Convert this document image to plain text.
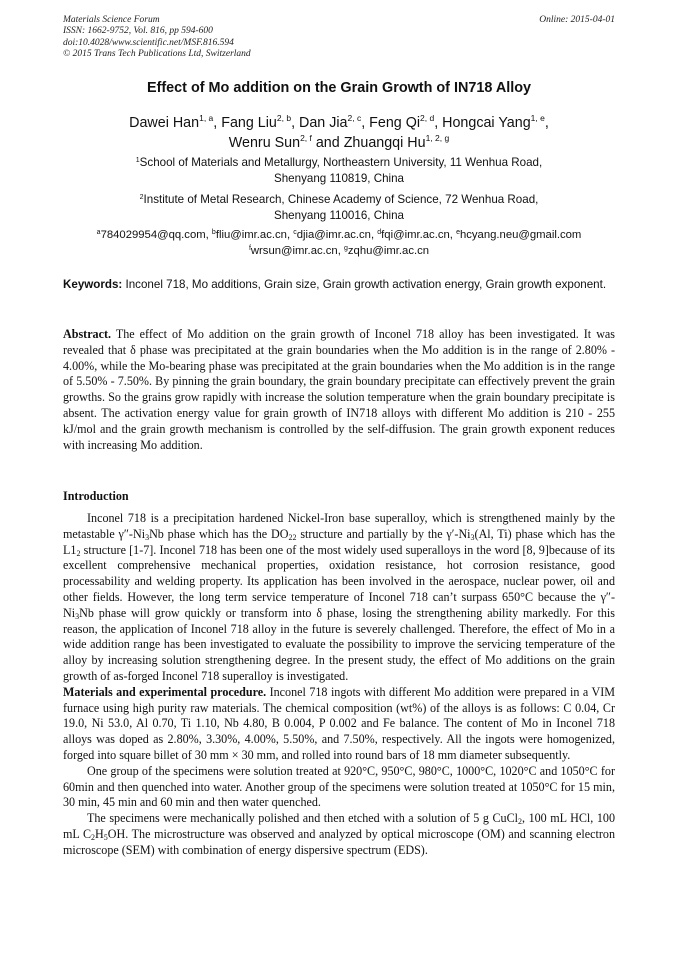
Materials Science Forum
ISSN: 1662-9752, Vol. 816, pp 594-600
doi:10.4028/www.scientific.net/MSF.816.594
© 2015 Trans Tech Publications Ltd, Switzerland
Online: 2015-04-01
Effect of Mo addition on the Grain Growth of IN718 Alloy
Dawei Han$^{1, a}$, Fang Liu$^{2, b}$, Dan Jia$^{2, c}$, Feng Qi$^{2, d}$, Hongcai Yang$^{1, e}$,
Wenru Sun$^{2, f}$ and Zhuangqi Hu$^{1, 2, g}$
$^1$School of Materials and Metallurgy, Northeastern University, 11 Wenhua Road,
Shenyang 110819, China
$^2$Institute of Metal Research, Chinese Academy of Science, 72 Wenhua Road,
Shenyang 110016, China
$^a$784029954@qq.com, $^b$fliu@imr.ac.cn, $^c$djia@imr.ac.cn, $^d$fqi@imr.ac.cn, $^e$hcyang.neu@gmail.com
$^f$wrsun@imr.ac.cn, $^g$zqhu@imr.ac.cn
Keywords: Inconel 718, Mo additions, Grain size, Grain growth activation energy, Grain growth exponent.

Abstract. The effect of Mo addition on the grain growth of Inconel 718 alloy has been investigated. It was revealed that δ phase was precipitated at the grain boundaries when the Mo addition is in the range of 2.80% - 4.00%, while the Mo-bearing phase was precipitated at the grain boundaries when the Mo addition is in the range of 5.50% - 7.50%. By pinning the grain boundary, the grain boundary precipitate can effectively prevent the grain growths. So the grains grow rapidly with increase the solution temperature when the grain boundary precipitate is absent. The activation energy value for grain growth of IN718 alloys with different Mo addition is 210 - 255 kJ/mol and the grain growth mechanism is controlled by the self-diffusion. The grain growth exponent reduces with increasing Mo addition.

Introduction

Inconel 718 is a precipitation hardened Nickel-Iron base superalloy, which is strengthened mainly by the metastable $\gamma''-Ni_3Nb$ phase which has the $DO_{22}$ structure and partially by the $\gamma'-Ni_3(Al$, Ti) phase which has the $L1_2$ structure [1-7]. Inconel 718 has been one of the most widely used superalloys in the word [8, 9]because of its excellent comprehensive mechanical properties, oxidation resistance, hot corrosion resistance, good processability and welding property. Its application has been involved in the aerospace, nuclear power, oil and other fields. However, the long term service temperature of Inconel 718 can’t surpass 650°C because the $\gamma''-Ni_3Nb$ phase will grow quickly or transform into δ phase, losing the strengthening ability markedly. For this reason, the application of Inconel 718 alloy in the future is severely challenged. Therefore, the effect of Mo in a wide addition range has been investigated to evaluate the possibility to improve the servicing temperature of the alloy by increasing solution strengthening degree. In the present study, the effect of Mo additions on the grain growth of as-forged Inconel 718 superalloy is investigated.

Materials and experimental procedure. Inconel 718 ingots with different Mo addition were prepared in a VIM furnace using high purity raw materials. The chemical composition (wt%) of the alloys is as follows: C 0.04, Cr 19.0, Ni 53.0, Al 0.70, Ti 1.10, Nb 4.80, B 0.004, P 0.002 and Fe balance. The content of Mo in Inconel 718 alloys was doped as 2.80%, 3.30%, 4.00%, 5.50%, and 7.50%, respectively. All the ingots were homogenized, forged into square billet of 30 mm × 30 mm, and rolled into round bars of 18 mm diameter subsequently.

One group of the specimens were solution treated at 920°C, 950°C, 980°C, 1000°C, 1020°C and 1050°C for 60min and then quenched into water. Another group of the specimens were solution treated at 1050°C for 15 min, 30 min, 45 min and 60 min and then water quenched.

The specimens were mechanically polished and then etched with a solution of 5 g CuCl$_2$, 100 mL HCl, 100 mL $C_2H_5OH$. The microstructure was observed and analyzed by optical microscope (OM) and scanning electron microscope (SEM) with combination of energy dispersive spectrum (EDS).
